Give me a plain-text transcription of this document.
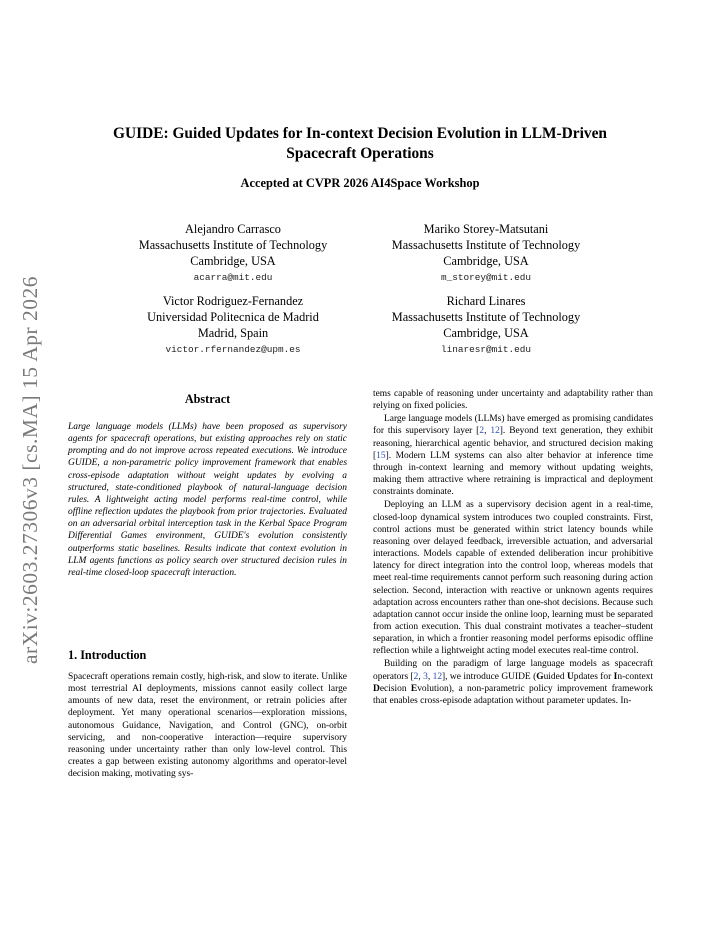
arXiv:2603.27306v3 [cs.MA] 15 Apr 2026
GUIDE: Guided Updates for In-context Decision Evolution in LLM-Driven
Spacecraft Operations
Accepted at CVPR 2026 AI4Space Workshop
Alejandro Carrasco
Massachusetts Institute of Technology
Cambridge, USA
acarra@mit.edu
Mariko Storey-Matsutani
Massachusetts Institute of Technology
Cambridge, USA
m_storey@mit.edu
Victor Rodriguez-Fernandez
Universidad Politecnica de Madrid
Madrid, Spain
victor.rfernandez@upm.es
Richard Linares
Massachusetts Institute of Technology
Cambridge, USA
linaresr@mit.edu
Abstract
Large language models (LLMs) have been proposed as supervisory agents for spacecraft operations, but existing approaches rely on static prompting and do not improve across repeated executions. We introduce GUIDE, a non-parametric policy improvement framework that enables cross-episode adaptation without weight updates by evolving a structured, state-conditioned playbook of natural-language decision rules. A lightweight acting model performs real-time control, while offline reflection updates the playbook from prior trajectories. Evaluated on an adversarial orbital interception task in the Kerbal Space Program Differential Games environment, GUIDE's evolution consistently outperforms static baselines. Results indicate that context evolution in LLM agents functions as policy search over structured decision rules in real-time closed-loop spacecraft interaction.
1. Introduction

Spacecraft operations remain costly, high-risk, and slow to iterate. Unlike most terrestrial AI deployments, missions cannot easily collect large amounts of new data, reset the environment, or retrain policies after deployment. Yet many operational scenarios—exploration missions, autonomous Guidance, Navigation, and Control (GNC), on-orbit servicing, and non-cooperative interaction—require supervisory reasoning under uncertainty rather than only low-level control. This creates a gap between existing autonomy algorithms and operator-level decision making, motivating sys-

tems capable of reasoning under uncertainty and adaptability rather than relying on fixed policies.

Large language models (LLMs) have emerged as promising candidates for this supervisory layer [2, 12]. Beyond text generation, they exhibit reasoning, hierarchical agentic behavior, and structured decision making [15]. Modern LLM systems can also alter behavior at inference time through in-context learning and memory without updating weights, making them attractive where retraining is impractical and deployment constraints dominate.

Deploying an LLM as a supervisory decision agent in a real-time, closed-loop dynamical system introduces two coupled constraints. First, control actions must be generated within strict latency bounds while reasoning over delayed feedback, irreversible actuation, and adversarial interactions. Models capable of extended deliberation incur prohibitive latency for direct integration into the control loop, whereas models that meet real-time requirements cannot perform such reasoning during action selection. Second, interaction with reactive or unknown agents requires adaptation across encounters rather than one-shot decisions. Because such adaptation cannot occur inside the online loop, learning must be separated from action execution. This dual constraint motivates a teacher–student separation, in which a frontier reasoning model performs episodic offline reflection while a lightweight acting model executes real-time control.

Building on the paradigm of large language models as spacecraft operators [2, 3, 12], we introduce GUIDE (Guided Updates for In-context Decision Evolution), a non-parametric policy improvement framework that enables cross-episode adaptation without parameter updates. In-
